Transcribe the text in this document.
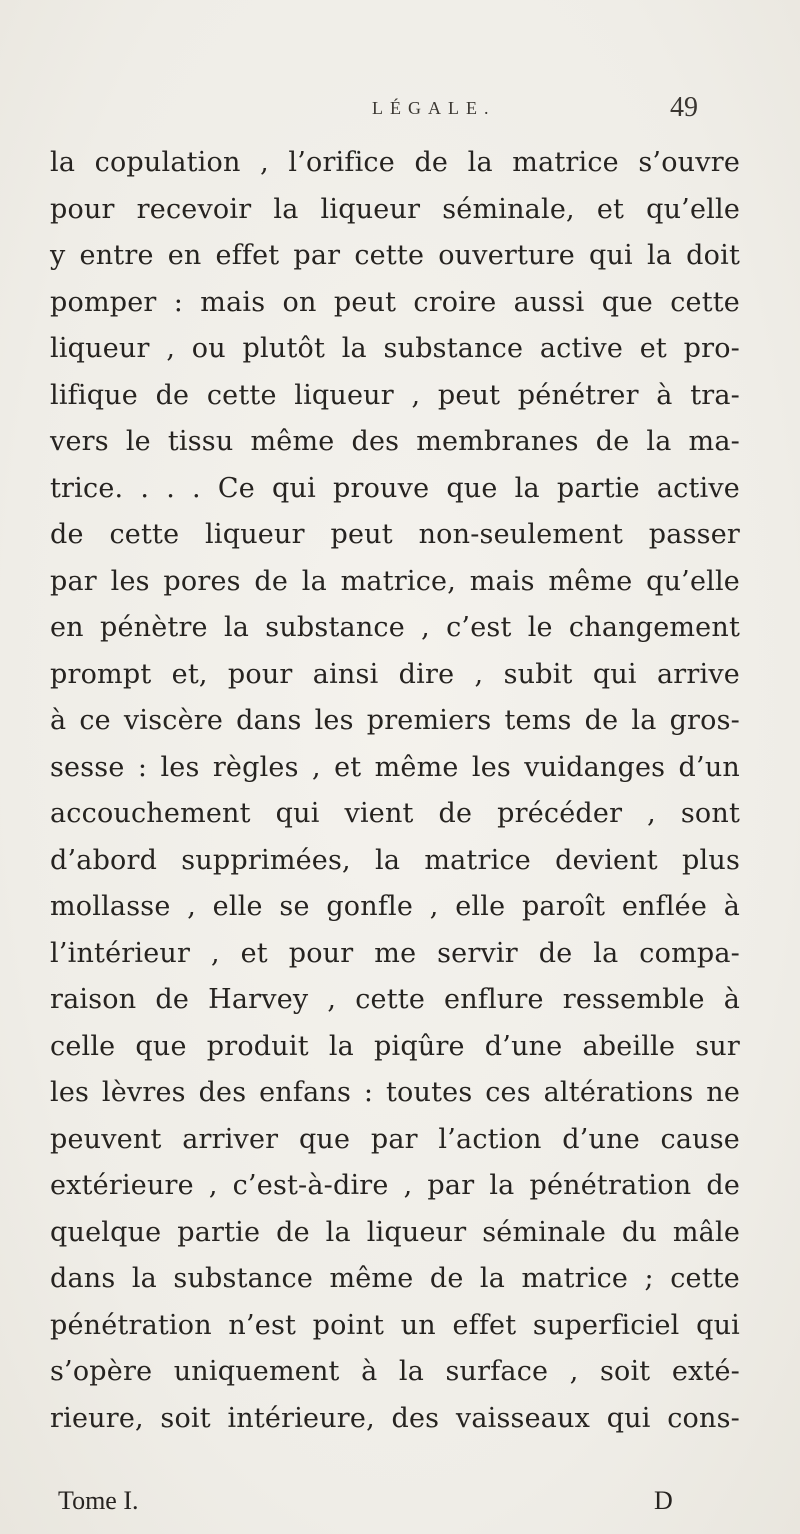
LÉGALE.	49
la copulation , l’orifice de la matrice s’ouvre
pour recevoir la liqueur séminale, et qu’elle
y entre en effet par cette ouverture qui la doit
pomper : mais on peut croire aussi que cette
liqueur , ou plutôt la substance active et pro-
lifique de cette liqueur , peut pénétrer à tra-
vers le tissu même des membranes de la ma-
trice. . . . Ce qui prouve que la partie active
de cette liqueur peut non-seulement passer
par les pores de la matrice, mais même qu’elle
en pénètre la substance , c’est le changement
prompt et, pour ainsi dire , subit qui arrive
à ce viscère dans les premiers tems de la gros-
sesse : les règles , et même les vuidanges d’un
accouchement qui vient de précéder , sont
d’abord supprimées, la matrice devient plus
mollasse , elle se gonfle , elle paroît enflée à
l’intérieur , et pour me servir de la compa-
raison de Harvey , cette enflure ressemble à
celle que produit la piqûre d’une abeille sur
les lèvres des enfans : toutes ces altérations ne
peuvent arriver que par l’action d’une cause
extérieure , c’est-à-dire , par la pénétration de
quelque partie de la liqueur séminale du mâle
dans la substance même de la matrice ; cette
pénétration n’est point un effet superficiel qui
s’opère uniquement à la surface , soit exté-
rieure, soit intérieure, des vaisseaux qui cons-
Tome I.	D
